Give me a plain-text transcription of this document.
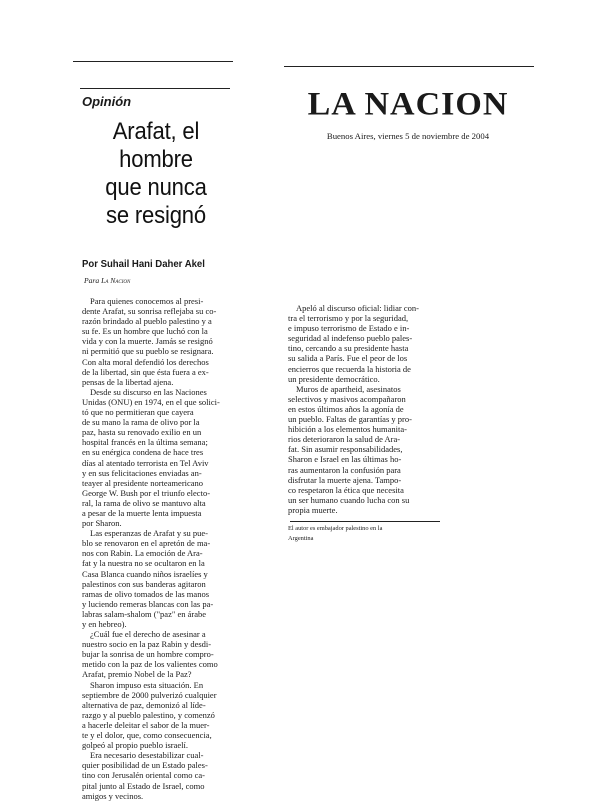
Opinión
Arafat, el
hombre
que nunca
se resignó
Por Suhail Hani Daher Akel
Para La Nacion
LA NACION
Buenos Aires, viernes 5 de noviembre de 2004

Para quienes conocemos al presi-
dente Arafat, su sonrisa reflejaba su co-
razón brindado al pueblo palestino y a
su fe. Es un hombre que luchó con la
vida y con la muerte. Jamás se resignó
ni permitió que su pueblo se resignara.
Con alta moral defendió los derechos
de la libertad, sin que ésta fuera a ex-
pensas de la libertad ajena.

Desde su discurso en las Naciones
Unidas (ONU) en 1974, en el que solici-
tó que no permitieran que cayera
de su mano la rama de olivo por la
paz, hasta su renovado exilio en un
hospital francés en la última semana;
en su enérgica condena de hace tres
días al atentado terrorista en Tel Aviv
y en sus felicitaciones enviadas an-
teayer al presidente norteamericano
George W. Bush por el triunfo electo-
ral, la rama de olivo se mantuvo alta
a pesar de la muerte lenta impuesta
por Sharon.

Las esperanzas de Arafat y su pue-
blo se renovaron en el apretón de ma-
nos con Rabin. La emoción de Ara-
fat y la nuestra no se ocultaron en la
Casa Blanca cuando niños israelíes y
palestinos con sus banderas agitaron
ramas de olivo tomados de las manos
y luciendo remeras blancas con las pa-
labras salam-shalom ("paz" en árabe
y en hebreo).

¿Cuál fue el derecho de asesinar a
nuestro socio en la paz Rabin y desdi-
bujar la sonrisa de un hombre compro-
metido con la paz de los valientes como
Arafat, premio Nobel de la Paz?

Sharon impuso esta situación. En
septiembre de 2000 pulverizó cualquier
alternativa de paz, demonizó al líde-
razgo y al pueblo palestino, y comenzó
a hacerle deleitar el sabor de la muer-
te y el dolor, que, como consecuencia,
golpeó al propio pueblo israelí.

Era necesario desestabilizar cual-
quier posibilidad de un Estado pales-
tino con Jerusalén oriental como ca-
pital junto al Estado de Israel, como
amigos y vecinos.

Apeló al discurso oficial: lidiar con-
tra el terrorismo y por la seguridad,
e impuso terrorismo de Estado e in-
seguridad al indefenso pueblo pales-
tino, cercando a su presidente hasta
su salida a París. Fue el peor de los
encierros que recuerda la historia de
un presidente democrático.

Muros de apartheid, asesinatos
selectivos y masivos acompañaron
en estos últimos años la agonía de
un pueblo. Faltas de garantías y pro-
hibición a los elementos humanita-
rios deterioraron la salud de Ara-
fat. Sin asumir responsabilidades,
Sharon e Israel en las últimas ho-
ras aumentaron la confusión para
disfrutar la muerte ajena. Tampo-
co respetaron la ética que necesita
un ser humano cuando lucha con su
propia muerte.

El autor es embajador palestino en la
Argentina
